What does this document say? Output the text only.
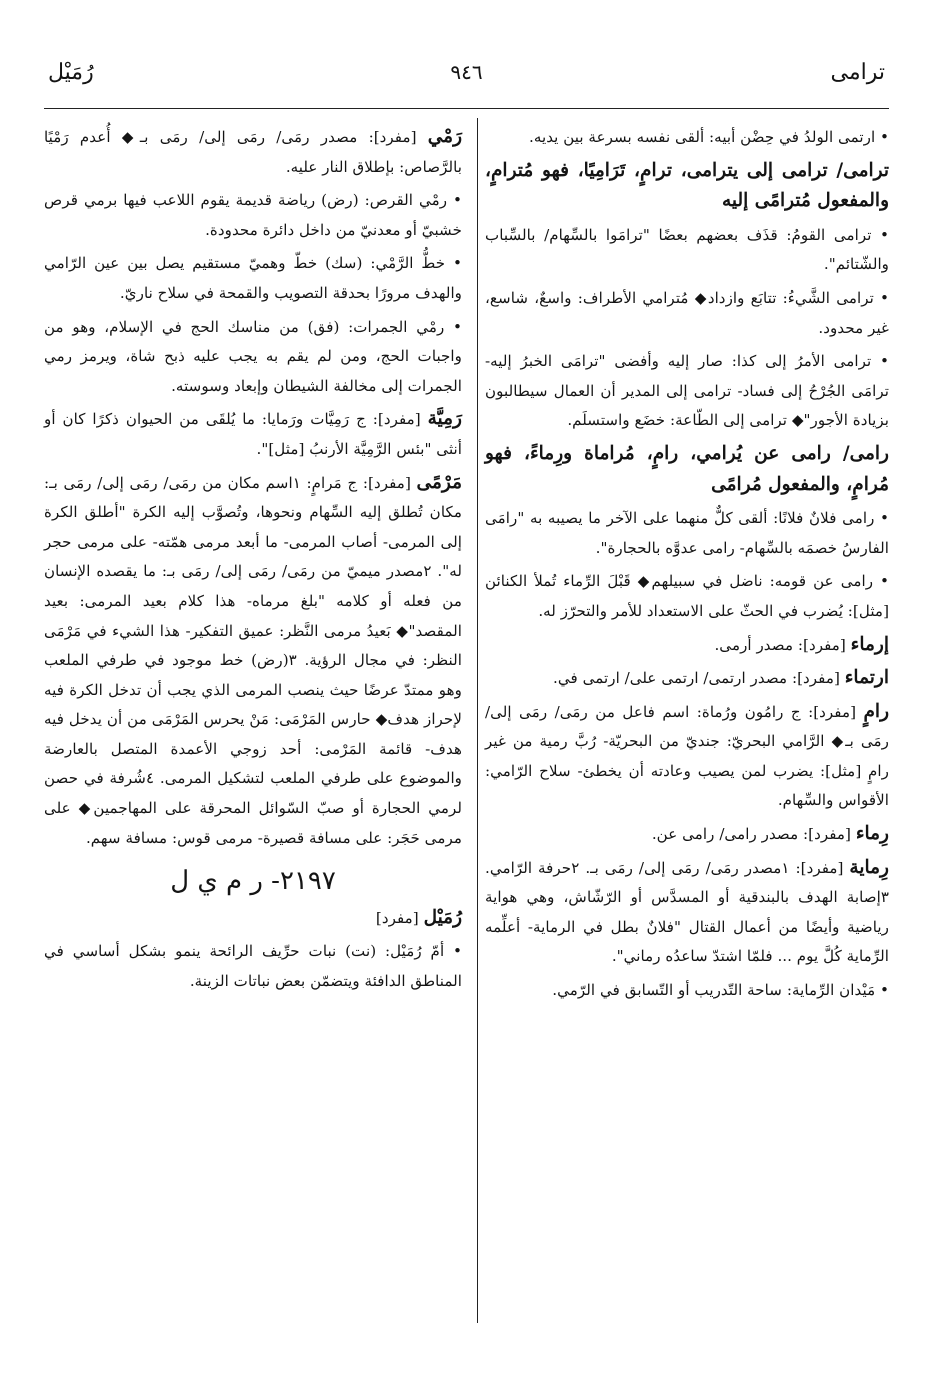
ترامى
٩٤٦
رُمَيْل

• ارتمى الولدُ في حِضْن أبيه: ألقى نفسه بسرعة بين يديه.

ترامى/ ترامى إلى يترامى، ترامٍ، تَرَامِيًا، فهو مُترامٍ، والمفعول مُترامًى إليه

• ترامى القومُ: قذَف بعضهم بعضًا "ترامَوا بالسِّهام/ بالسِّباب والشّتائم".

• ترامى الشَّيءُ: تتابَع وازداد◆ مُترامي الأطراف: واسعٌ، شاسع، غير محدود.

• ترامى الأمرُ إلى كذا: صار إليه وأفضى "ترامَى الخبرُ إليه- ترامَى الجُرْحُ إلى فساد- ترامى إلى المدير أن العمال سيطالبون بزيادة الأجور"◆ ترامى إلى الطّاعة: خضَع واستسلَم.

رامى/ رامى عن يُرامي، رامٍ، مُراماة ورِماءً، فهو مُرامٍ، والمفعول مُرامًى

• رامى فلانٌ فلانًا: ألقى كلٌّ منهما على الآخر ما يصيبه به "رامَى الفارسُ خصمَه بالسِّهام- رامى عدوَّه بالحجارة".

• رامى عن قومه: ناضل في سبيلهم◆ قَبْلَ الرِّماء تُملأ الكنائن [مثل]: يُضرب في الحثّ على الاستعداد للأمر والتحرّز له.

إرماء [مفرد]: مصدر أرمى.

ارتماء [مفرد]: مصدر ارتمى/ ارتمى على/ ارتمى في.

رامٍ [مفرد]: ج رامُون ورُماة: اسم فاعل من رمَى/ رمَى إلى/ رمَى بـ◆ الرَّامي البحريّ: جنديّ من البحريّة- رُبَّ رمية من غير رامٍ [مثل]: يضرب لمن يصيب وعادته أن يخطئ- سلاح الرّامي: الأقواس والسِّهام.

رِماء [مفرد]: مصدر رامى/ رامى عن.

رِماية [مفرد]: ١مصدر رمَى/ رمَى إلى/ رمَى بـ. ٢حرفة الرّامي. ٣إصابة الهدف بالبندقية أو المسدَّس أو الرّشّاش، وهي هواية رياضية وأيضًا من أعمال القتال "فلانٌ بطل في الرماية- أعلِّمه الرِّماية كُلَّ يوم ... فلمّا اشتدّ ساعدُه رماني".

• مَيْدان الرِّماية: ساحة التّدريب أو التّسابق في الرّمي.

رَمْي [مفرد]: مصدر رمَى/ رمَى إلى/ رمَى بـ◆ أُعدم رَمْيًا بالرَّصاص: بإطلاق النار عليه.

• رمْي القرص: (رض) رياضة قديمة يقوم اللاعب فيها برمي قرص خشبيّ أو معدنيّ من داخل دائرة محدودة.

• خطُّ الرَّمْي: (سك) خطّ وهميّ مستقيم يصل بين عين الرّامي والهدف مرورًا بحدقة التصويب والقمحة في سلاح ناريّ.

• رمْي الجمرات: (فق) من مناسك الحج في الإسلام، وهو من واجبات الحج، ومن لم يقم به يجب عليه ذبح شاة، ويرمز رمي الجمرات إلى مخالفة الشيطان وإبعاد وسوسته.

رَمِيَّة [مفرد]: ج رَمِيَّات ورَمايا: ما يُلقَى من الحيوان ذكرًا كان أو أنثى "بئس الرَّمِيَّة الأرنبُ [مثل]".

مَرْمًى [مفرد]: ج مَرامٍ: ١اسم مكان من رمَى/ رمَى إلى/ رمَى بـ: مكان تُطلق إليه السِّهام ونحوها، وتُصوَّب إليه الكرة "أطلق الكرة إلى المرمى- أصاب المرمى- ما أبعد مرمى همّته- على مرمى حجر له". ٢مصدر ميميّ من رمَى/ رمَى إلى/ رمَى بـ: ما يقصده الإنسان من فعله أو كلامه "بلغ مرماه- هذا كلام بعيد المرمى: بعيد المقصد"◆ بَعيدُ مرمى النَّظر: عميق التفكير- هذا الشيء في مَرْمَى النظر: في مجال الرؤية. ٣(رض) خط موجود في طرفي الملعب وهو ممتدّ عرضًا حيث ينصب المرمى الذي يجب أن تدخل الكرة فيه لإحراز هدف◆ حارس المَرْمَى: مَنْ يحرس المَرْمَى من أن يدخل فيه هدف- قائمة المَرْمى: أحد زوجي الأعمدة المتصل بالعارضة والموضوع على طرفي الملعب لتشكيل المرمى. ٤شُرفة في حصن لرمي الحجارة أو صبّ السّوائل المحرقة على المهاجمين◆ على مرمى حَجَر: على مسافة قصيرة- مرمى قوس: مسافة سهم.

٢١٩٧- ر م ي ل

رُمَيْل [مفرد]

• أمّ رُمَيْل: (نت) نبات حرِّيف الرائحة ينمو بشكل أساسي في المناطق الدافئة ويتضمّن بعض نباتات الزينة.
